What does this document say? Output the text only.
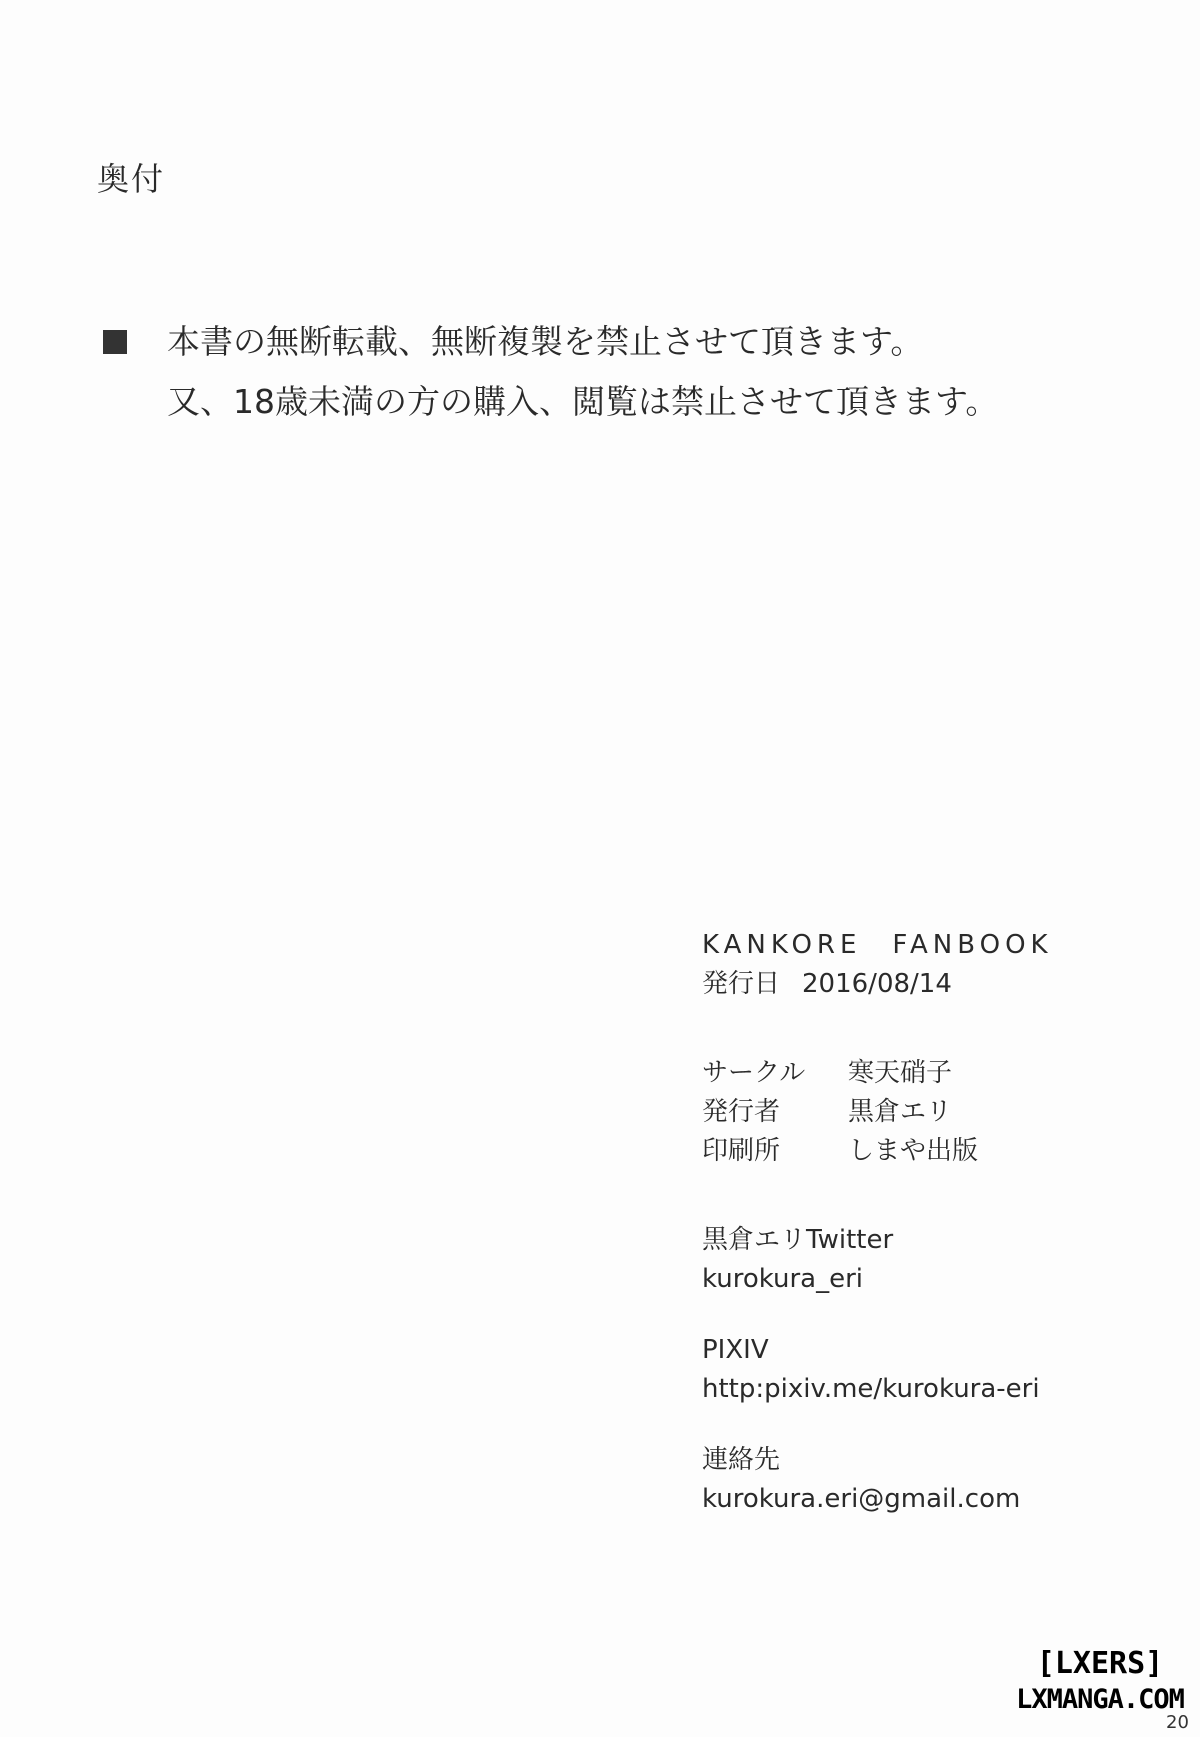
奥付
本書の無断転載、無断複製を禁止させて頂きます。
又、18歳未満の方の購入、閲覧は禁止させて頂きます。
KANKORE　FANBOOK
発行日 2016/08/14
サークル	寒天硝子
発行者	黒倉エリ
印刷所	しまや出版
黒倉エリTwitter
kurokura_eri
PIXIV
http:pixiv.me/kurokura-eri
連絡先
kurokura.eri@gmail.com
[LXERS]
LXMANGA.COM
20
